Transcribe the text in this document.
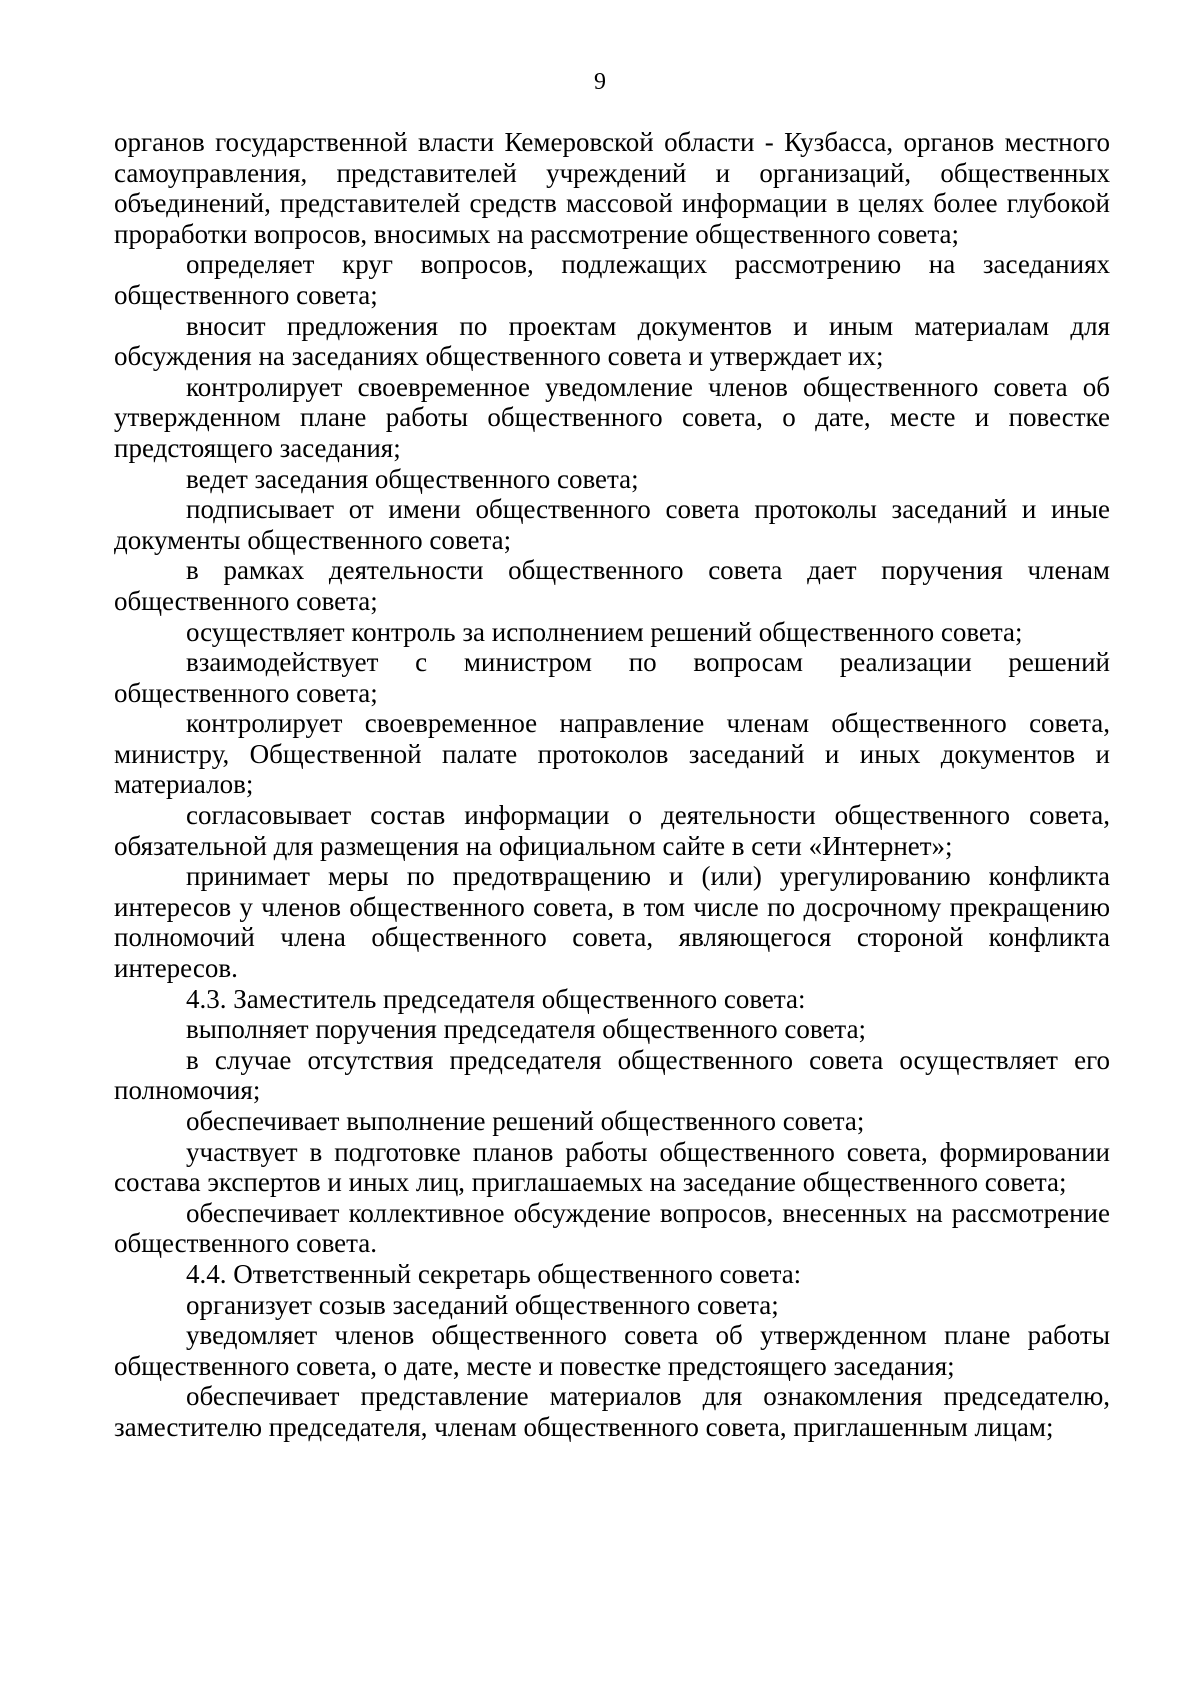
9

органов государственной власти Кемеровской области - Кузбасса, органов местного самоуправления, представителей учреждений и организаций, общественных объединений, представителей средств массовой информации в целях более глубокой проработки вопросов, вносимых на рассмотрение общественного совета;

определяет круг вопросов, подлежащих рассмотрению на заседаниях общественного совета;

вносит предложения по проектам документов и иным материалам для обсуждения на заседаниях общественного совета и утверждает их;

контролирует своевременное уведомление членов общественного совета об утвержденном плане работы общественного совета, о дате, месте и повестке предстоящего заседания;

ведет заседания общественного совета;

подписывает от имени общественного совета протоколы заседаний и иные документы общественного совета;

в рамках деятельности общественного совета дает поручения членам общественного совета;

осуществляет контроль за исполнением решений общественного совета;

взаимодействует с министром по вопросам реализации решений общественного совета;

контролирует своевременное направление членам общественного совета, министру, Общественной палате протоколов заседаний и иных документов и материалов;

согласовывает состав информации о деятельности общественного совета, обязательной для размещения на официальном сайте в сети «Интернет»;

принимает меры по предотвращению и (или) урегулированию конфликта интересов у членов общественного совета, в том числе по досрочному прекращению полномочий члена общественного совета, являющегося стороной конфликта интересов.

4.3. Заместитель председателя общественного совета:

выполняет поручения председателя общественного совета;

в случае отсутствия председателя общественного совета осуществляет его полномочия;

обеспечивает выполнение решений общественного совета;

участвует в подготовке планов работы общественного совета, формировании состава экспертов и иных лиц, приглашаемых на заседание общественного совета;

обеспечивает коллективное обсуждение вопросов, внесенных на рассмотрение общественного совета.

4.4. Ответственный секретарь общественного совета:

организует созыв заседаний общественного совета;

уведомляет членов общественного совета об утвержденном плане работы общественного совета, о дате, месте и повестке предстоящего заседания;

обеспечивает представление материалов для ознакомления председателю, заместителю председателя, членам общественного совета, приглашенным лицам;
